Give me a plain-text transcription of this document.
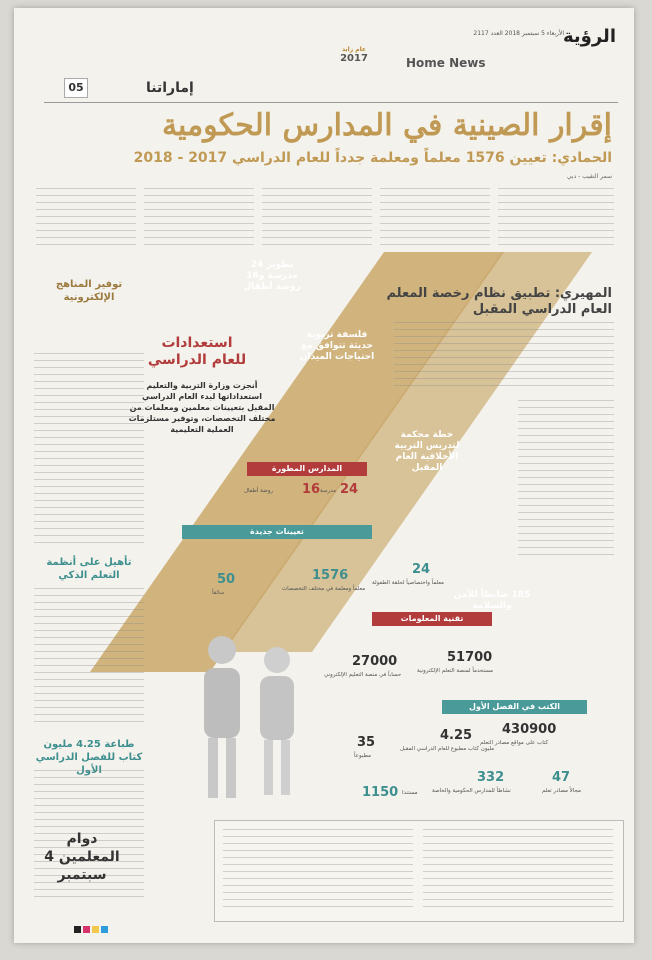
الرؤية
الأربعاء 5 سبتمبر 2018 العدد 2117
Home News
عام زايد
2017
إماراتنا
05
إقرار الصينية في المدارس الحكومية
الحمادي: تعيين 1576 معلماً ومعلمة جدداً للعام الدراسي 2017 - 2018
سمر النقيب - دبي
تطوير 24 مدرسة و16 روضة أطفال
فلسفة تربوية حديثة تتوافق مع احتياجات الميدان
خطة محكمة لتدريس التربية الأخلاقية العام المقبل
185 ضابطاً للأمن والسلامة
استعدادات للعام الدراسي
أنجزت وزارة التربية والتعليم استعداداتها لبدء العام الدراسي المقبل بتعيينات معلمين ومعلمات من مختلف التخصصات، وتوفير مستلزمات العملية التعليمية
المدارس المطورة
24
مدرسة
16
روضة أطفال
تعيينات جديدة
24
معلماً واختصاصياً لحلقة الطفولة
1576
معلماً ومعلمة في مختلف التخصصات
50
سائقاً
تقنية المعلومات
51700
مستخدماً لمنصة التعلم الإلكترونية
27000
حساباً في منصة التعليم الإلكتروني
الكتب في الفصل الأول
430900
كتاب على مواقع مصادر التعلم
4.25
مليون كتاب مطبوع للعام الدراسي المقبل
35
مطبوعاً
47
مجالاً مصادر تعلم
332
نشاطاً للمدارس الحكومية والخاصة
1150 مستندا
المهيري: تطبيق نظام رخصة المعلم العام الدراسي المقبل
توفير المناهج الإلكترونية
تأهيل على أنظمة التعلم الذكي
طباعة 4.25 مليون كتاب للفصل الدراسي الأول
دوام المعلمين 4 سبتمبر
